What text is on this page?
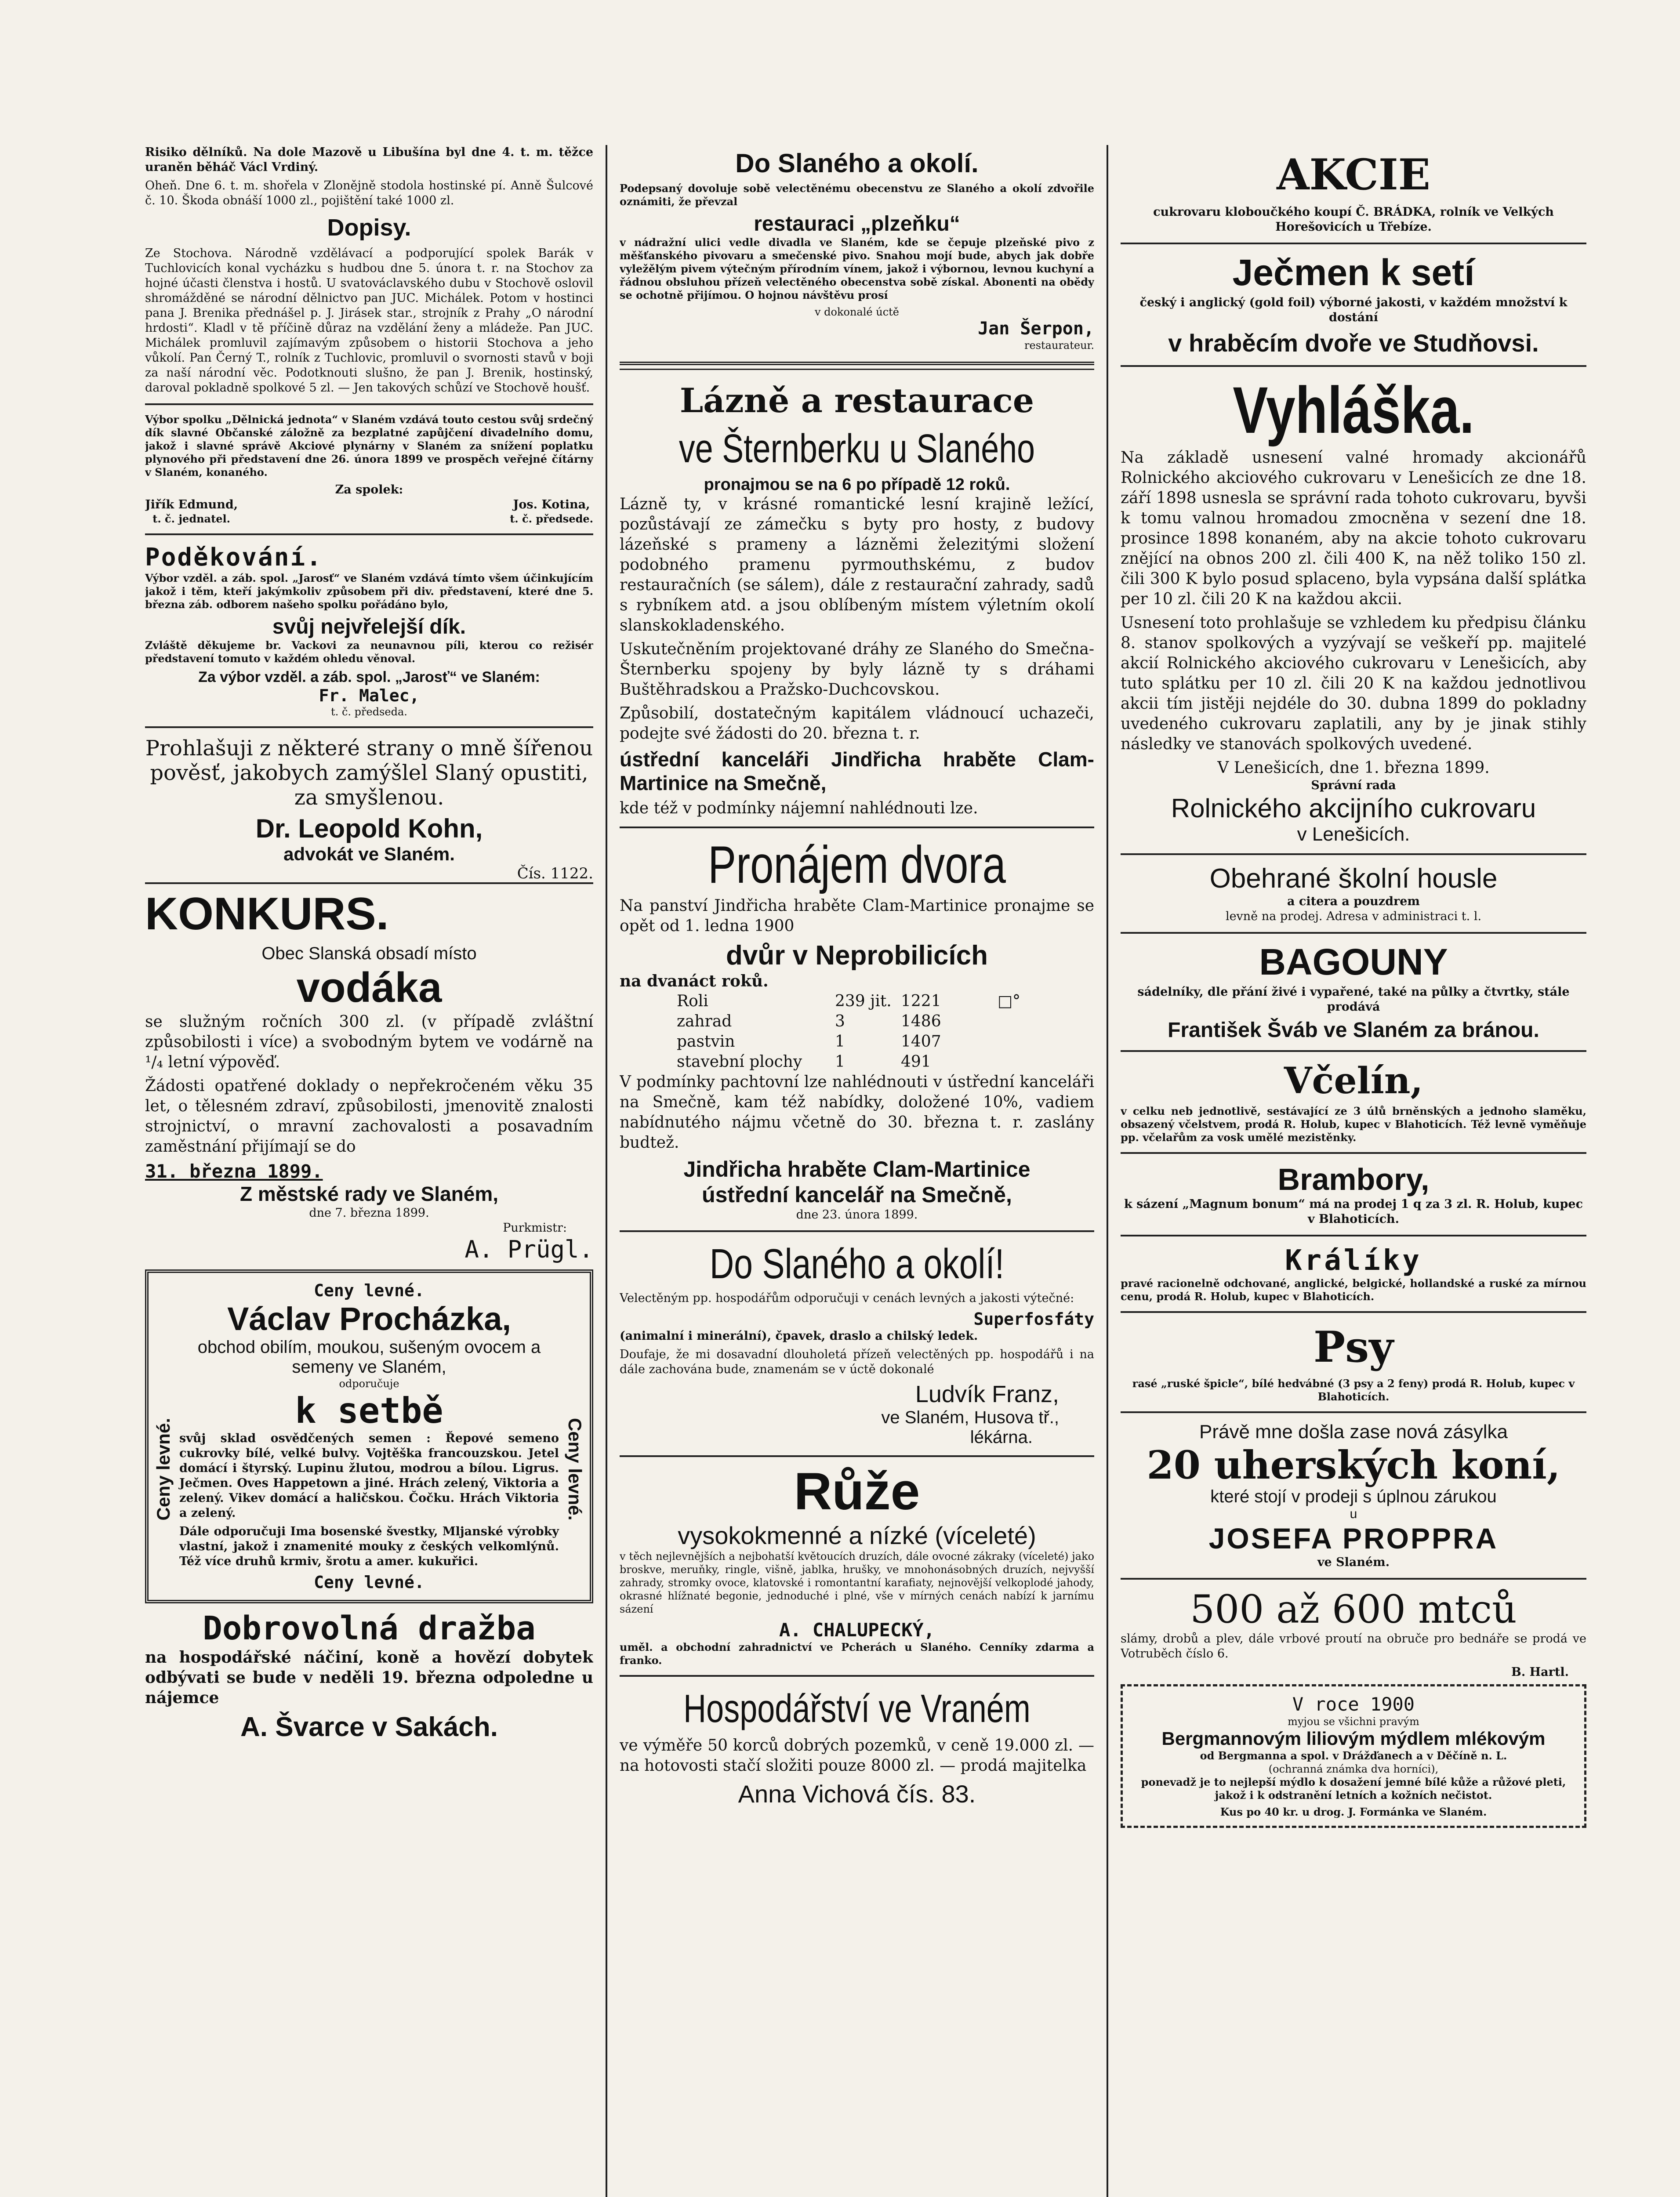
Risiko dělníků. Na dole Mazově u Libušína byl dne 4. t. m. těžce uraněn běháč Václ Vrdiný.

Oheň. Dne 6. t. m. shořela v Zlonějně stodola hostinské pí. Anně Šulcové č. 10. Škoda obnáší 1000 zl., pojištění také 1000 zl.

Dopisy.

Ze Stochova. Národně vzdělávací a podporující spolek Barák v Tuchlovicích konal vycházku s hudbou dne 5. února t. r. na Stochov za hojné účasti členstva i hostů. U svatováclavského dubu v Stochově oslovil shromážděné se národní dělnictvo pan JUC. Michálek. Potom v hostinci pana J. Brenika přednášel p. J. Jirásek star., strojník z Prahy „O národní hrdosti“. Kladl v tě příčině důraz na vzdělání ženy a mládeže. Pan JUC. Michálek promluvil zajímavým způsobem o historii Stochova a jeho vůkolí. Pan Černý T., rolník z Tuchlovic, promluvil o svornosti stavů v boji za naší národní věc. Podotknouti slušno, že pan J. Brenik, hostinský, daroval pokladně spolkové 5 zl. — Jen takových schůzí ve Stochově houšť.

Výbor spolku „Dělnická jednota“ v Slaném vzdává touto cestou svůj srdečný dík slavné Občanské záložně za bezplatné zapůjčení divadelního domu, jakož i slavné správě Akciové plynárny v Slaném za snížení poplatku plynového při představení dne 26. února 1899 ve prospěch veřejné čítárny v Slaném, konaného.

Za spolek:
Jiřík Edmund,
t. č. jednatel.
Jos. Kotina,
t. č. předsede.
Poděkování.

Výbor vzděl. a záb. spol. „Jarosť“ ve Slaném vzdává tímto všem účinkujícím jakož i těm, kteří jakýmkoliv způsobem při div. představení, které dne 5. března záb. odborem našeho spolku pořádáno bylo,

svůj nejvřelejší dík.

Zvláště děkujeme br. Vackovi za neunavnou píli, kterou co režisér představení tomuto v každém ohledu věnoval.

Za výbor vzděl. a záb. spol. „Jarosť“ ve Slaném:
Fr. Malec,
t. č. předseda.

Prohlašuji z některé strany o mně šířenou pověsť, jakobych zamýšlel Slaný opustiti, za smyšlenou.

Dr. Leopold Kohn,
advokát ve Slaném.
Čís. 1122.
KONKURS.
Obec Slanská obsadí místo
vodáka

se služným ročních 300 zl. (v případě zvláštní způsobilosti i více) a svobodným bytem ve vodárně na ¹/₄ letní výpověď.

Žádosti opatřené doklady o nepřekročeném věku 35 let, o tělesném zdraví, způsobilosti, jmenovitě znalosti strojnictví, o mravní zachovalosti a posavadním zaměstnání přijímají se do

31. března 1899.
Z městské rady ve Slaném,
dne 7. března 1899.
Purkmistr:
A. Prügl.
Ceny levné.	Ceny levné.
Ceny levné.
Václav Procházka,
obchod obilím, moukou, sušeným ovocem a semeny ve Slaném,
odporučuje
k setbě

svůj sklad osvědčených semen : Řepové semeno cukrovky bílé, velké bulvy. Vojtěška francouzskou. Jetel domácí i štyrský. Lupinu žlutou, modrou a bílou. Ligrus. Ječmen. Oves Happetown a jiné. Hrách zelený, Viktoria a zelený. Vikev domácí a haličskou. Čočku. Hrách Viktoria a zelený.

Dále odporučuji Ima bosenské švestky, Mljanské výrobky vlastní, jakož i znamenité mouky z českých velkomlýnů. Též více druhů krmiv, šrotu a amer. kukuřici.

Ceny levné.
Dobrovolná dražba

na hospodářské náčiní, koně a hovězí dobytek odbývati se bude v neděli 19. března odpoledne u nájemce

A. Švarce v Sakách.
Do Slaného a okolí.

Podepsaný dovoluje sobě velectěnému obecenstvu ze Slaného a okolí zdvořile oznámiti, že převzal

restauraci „plzeňku“

v nádražní ulici vedle divadla ve Slaném, kde se čepuje plzeňské pivo z měšťanského pivovaru a smečenské pivo. Snahou mojí bude, abych jak dobře vyležělým pivem výtečným přírodním vínem, jakož i výbornou, levnou kuchyní a řádnou obsluhou přízeň velectěného obecenstva sobě získal. Abonenti na obědy se ochotně přijímou. O hojnou návštěvu prosí

v dokonalé úctě
Jan Šerpon,
restaurateur.
Lázně a restaurace
ve Šternberku u Slaného
pronajmou se na 6 po případě 12 roků.

Lázně ty, v krásné romantické lesní krajině ležící, pozůstávají ze zámečku s byty pro hosty, z budovy lázeňské s prameny a lázněmi železitými složení podobného pramenu pyrmouthskému, z budov restauračních (se sálem), dále z restaurační zahrady, sadů s rybníkem atd. a jsou oblíbeným místem výletním okolí slanskokladenského.

Uskutečněním projektované dráhy ze Slaného do Smečna-Šternberku spojeny by byly lázně ty s dráhami Buštěhradskou a Pražsko-Duchcovskou.

Způsobilí, dostatečným kapitálem vládnoucí uchazeči, podejte své žádosti do 20. března t. r.

ústřední kanceláři Jindřicha hraběte Clam-Martinice na Smečně,

kde též v podmínky nájemní nahlédnouti lze.

Pronájem dvora

Na panství Jindřicha hraběte Clam-Martinice pronajme se opět od 1. ledna 1900

dvůr v Neprobilicích
na dvanáct roků.
Roli	239 jit. 1221	□°
zahrad	3	1486
pastvin	1	1407
stavební plochy	1	491

V podmínky pachtovní lze nahlédnouti v ústřední kanceláři na Smečně, kam též nabídky, doložené 10%, vadiem nabídnutého nájmu včetně do 30. března t. r. zaslány budtež.

Jindřicha hraběte Clam-Martinice
ústřední kancelář na Smečně,
dne 23. února 1899.
Do Slaného a okolí!

Velectěným pp. hospodářům odporučuji v cenách levných a jakosti výtečné:

Superfosfáty

(animalní i minerální), čpavek, draslo a chilský ledek.

Doufaje, že mi dosavadní dlouholetá přízeň velectěných pp. hospodářů i na dále zachována bude, znamenám se v úctě dokonalé

Ludvík Franz,
ve Slaném, Husova tř.,
lékárna.
Růže
vysokokmenné a nízké (víceleté)

v těch nejlevnějších a nejbohatší květoucích druzích, dále ovocné zákraky (víceleté) jako broskve, meruňky, ringle, višně, jablka, hrušky, ve mnohonásobných druzích, nejvyšší zahrady, stromky ovoce, klatovské i romontantní karafiaty, nejnovější velkoplodé jahody, okrasné hlížnaté begonie, jednoduché i plné, vše v mírných cenách nabízí k jarnímu sázení

A. CHALUPECKÝ,

uměl. a obchodní zahradnictví ve Pcherách u Slaného. Cenníky zdarma a franko.

Hospodářství ve Vraném

ve výměře 50 korců dobrých pozemků, v ceně 19.000 zl. — na hotovosti stačí složiti pouze 8000 zl. — prodá majitelka

Anna Vichová čís. 83.
AKCIE

cukrovaru kloboučkého koupí Č. BRÁDKA, rolník ve Velkých Horešovicích u Třebíze.

Ječmen k setí

český i anglický (gold foil) výborné jakosti, v každém množství k dostání

v hraběcím dvoře ve Studňovsi.
Vyhláška.

Na základě usnesení valné hromady akcionářů Rolnického akciového cukrovaru v Lenešicích ze dne 18. září 1898 usnesla se správní rada tohoto cukrovaru, byvši k tomu valnou hromadou zmocněna v sezení dne 18. prosince 1898 konaném, aby na akcie tohoto cukrovaru znějící na obnos 200 zl. čili 400 K, na něž toliko 150 zl. čili 300 K bylo posud splaceno, byla vypsána další splátka per 10 zl. čili 20 K na každou akcii.

Usnesení toto prohlašuje se vzhledem ku předpisu článku 8. stanov spolkových a vyzývají se veškeří pp. majitelé akcií Rolnického akciového cukrovaru v Lenešicích, aby tuto splátku per 10 zl. čili 20 K na každou jednotlivou akcii tím jistěji nejdéle do 30. dubna 1899 do pokladny uvedeného cukrovaru zaplatili, any by je jinak stihly následky ve stanovách spolkových uvedené.

V Lenešicích, dne 1. března 1899.
Správní rada
Rolnického akcijního cukrovaru
v Lenešicích.
Obehrané školní housle
a citera a pouzdrem
levně na prodej. Adresa v administraci t. l.
BAGOUNY

sádelníky, dle přání živé i vypařené, také na půlky a čtvrtky, stále prodává

František Šváb ve Slaném za bránou.
Včelín,

v celku neb jednotlivě, sestávající ze 3 úlů brněnských a jednoho slaměku, obsazený včelstvem, prodá R. Holub, kupec v Blahoticích. Též levně vyměňuje pp. včelařům za vosk umělé mezistěnky.

Brambory,

k sázení „Magnum bonum“ má na prodej 1 q za 3 zl. R. Holub, kupec v Blahoticích.

Králíky

pravé racionelně odchované, anglické, belgické, hollandské a ruské za mírnou cenu, prodá R. Holub, kupec v Blahoticích.

Psy

rasé „ruské špicle“, bílé hedvábné (3 psy a 2 feny) prodá R. Holub, kupec v Blahoticích.

Právě mne došla zase nová zásylka
20 uherských koní,
které stojí v prodeji s úplnou zárukou
u
JOSEFA PROPPRA
ve Slaném.
500 až 600 mtců

slámy, drobů a plev, dále vrbové proutí na obruče pro bednáře se prodá ve Votruběch číslo 6.

B. Hartl.
V roce 1900
myjou se všichni pravým
Bergmannovým liliovým mýdlem mlékovým
od Bergmanna a spol. v Drážďanech a v Děčíně n. L.
(ochranná známka dva horníci),

ponevadž je to nejlepší mýdlo k dosažení jemné bílé kůže a růžové pleti, jakož i k odstranění letních a kožních nečistot.

Kus po 40 kr. u drog. J. Formánka ve Slaném.
